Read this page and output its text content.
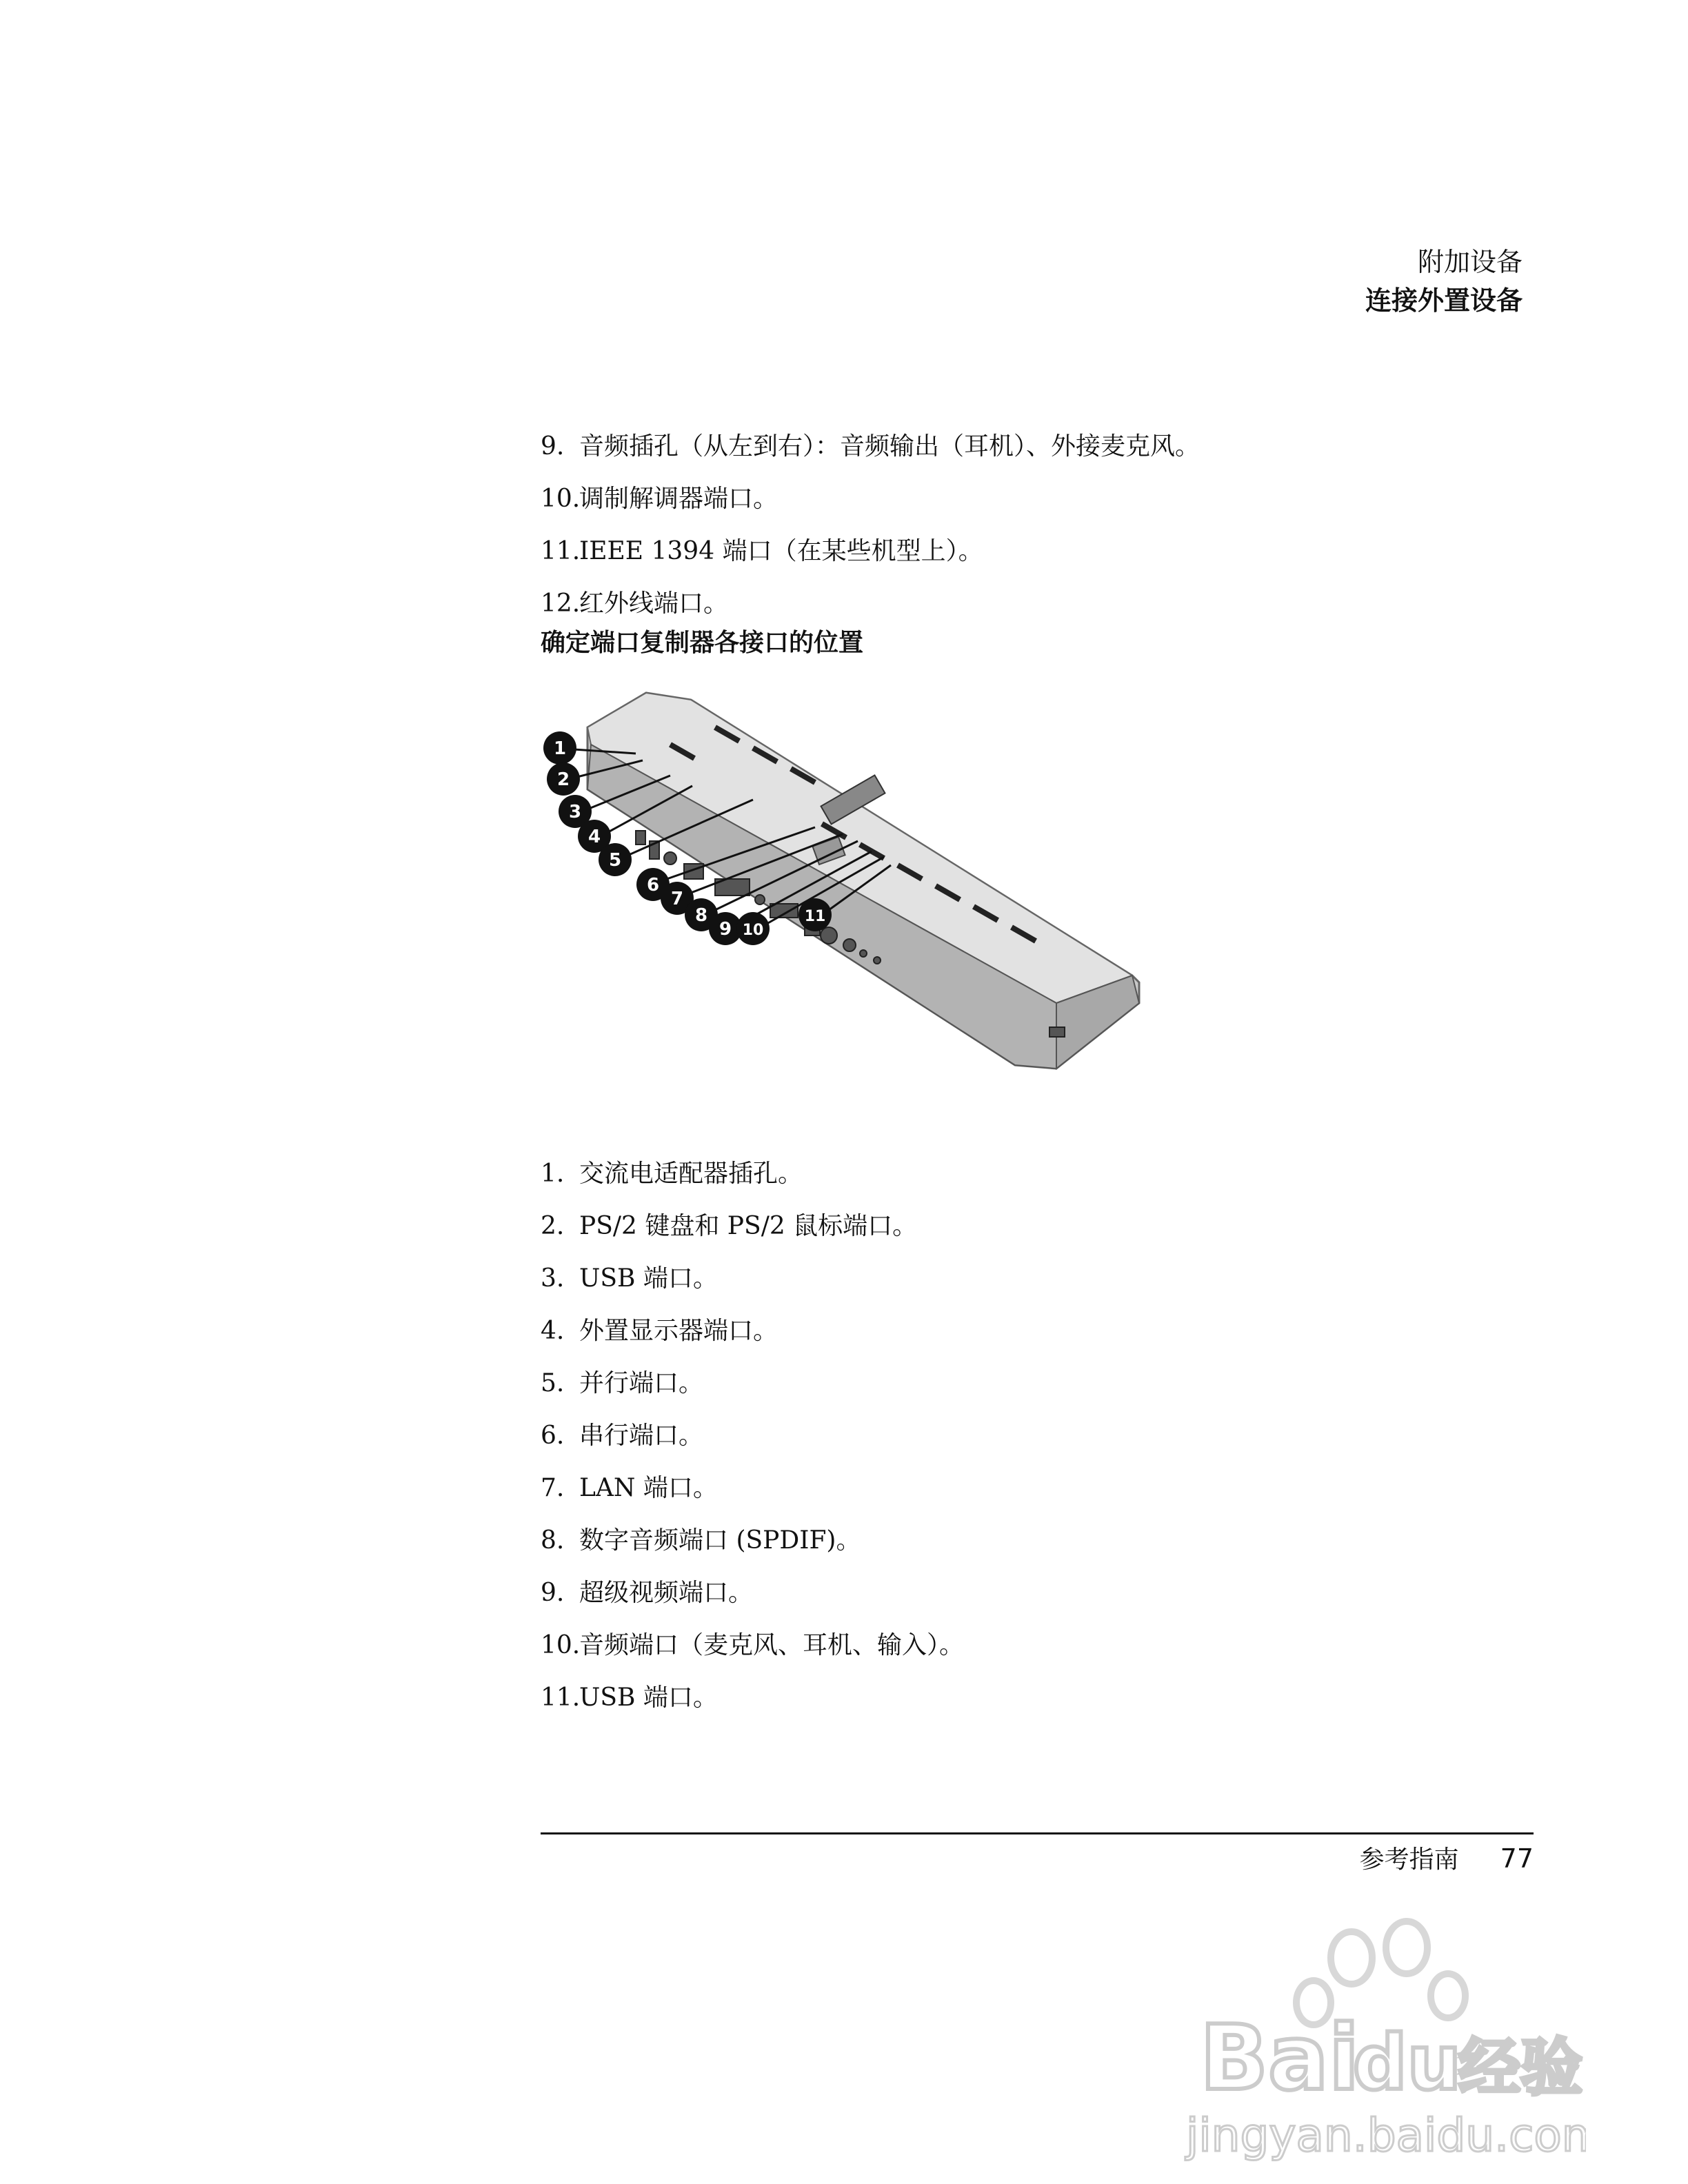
附加设备
连接外置设备
9. 音频插孔（从左到右）：音频输出（耳机）、外接麦克风。
10.调制解调器端口。
11.IEEE 1394 端口（在某些机型上）。
12.红外线端口。
确定端口复制器各接口的位置
1
2
3
4
5
6
7
8
9 10
11
1. 交流电适配器插孔。
2. PS/2 键盘和 PS/2 鼠标端口。
3. USB 端口。
4. 外置显示器端口。
5. 并行端口。
6. 串行端口。
7. LAN 端口。
8. 数字音频端口 (SPDIF)。
9. 超级视频端口。
10.音频端口（麦克风、耳机、输入）。
11.USB 端口。
参考指南 77
Bai
du
经验
jingyan.baidu.com
